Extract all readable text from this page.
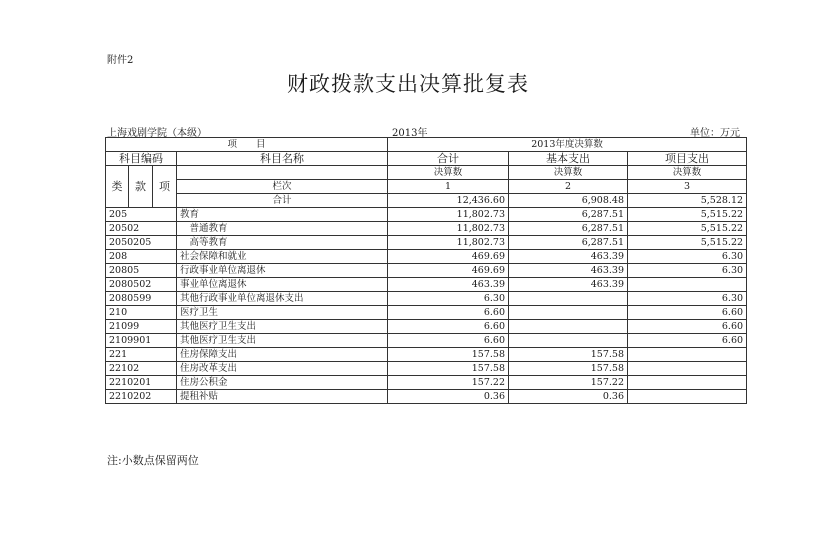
附件2
财政拨款支出决算批复表
上海戏剧学院（本级）	2013年	单位：万元
项　　目				2013年度决算数		
科目编码			科目名称	合计	基本支出	项目支出
类	款	项		决算数	决算数	决算数
			栏次	1	2	3
			合计	12,436.60	6,908.48	5,528.12
205			教育	11,802.73	6,287.51	5,515.22
20502			　普通教育	11,802.73	6,287.51	5,515.22
2050205			　高等教育	11,802.73	6,287.51	5,515.22
208			社会保障和就业	469.69	463.39	6.30
20805			行政事业单位离退休	469.69	463.39	6.30
2080502			事业单位离退休	463.39	463.39	
2080599			其他行政事业单位离退休支出	6.30		6.30
210			医疗卫生	6.60		6.60
21099			其他医疗卫生支出	6.60		6.60
2109901			其他医疗卫生支出	6.60		6.60
221			住房保障支出	157.58	157.58	
22102			住房改革支出	157.58	157.58	
2210201			住房公积金	157.22	157.22	
2210202			提租补贴	0.36	0.36	
注:小数点保留两位
